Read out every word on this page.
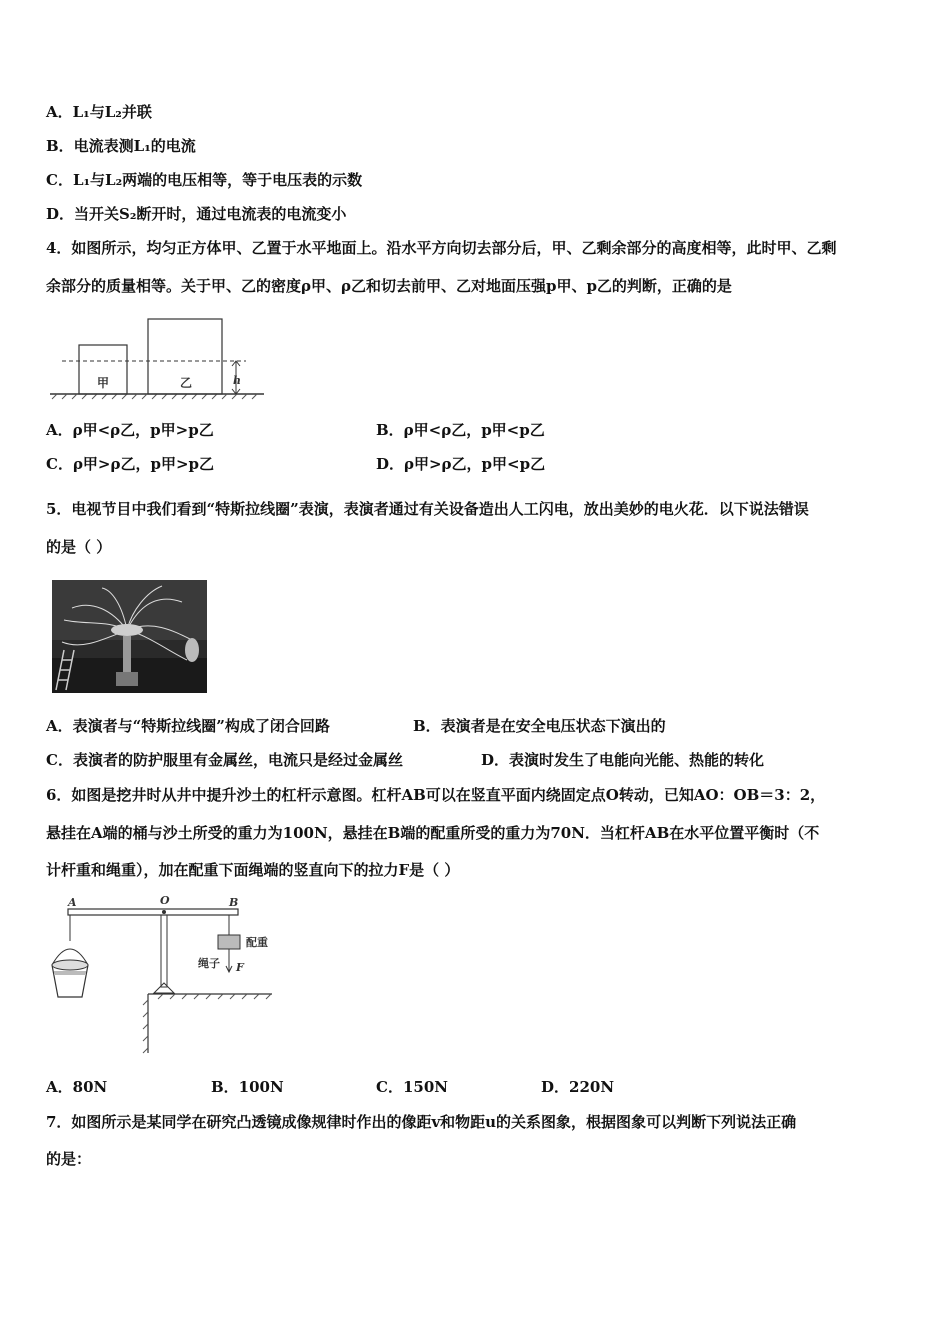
A．L₁与L₂并联
B．电流表测L₁的电流
C．L₁与L₂两端的电压相等，等于电压表的示数
D．当开关S₂断开时，通过电流表的电流变小
4．如图所示，均匀正方体甲、乙置于水平地面上。沿水平方向切去部分后，甲、乙剩余部分的高度相等，此时甲、乙剩
余部分的质量相等。关于甲、乙的密度ρ甲、ρ乙和切去前甲、乙对地面压强p甲、p乙的判断，正确的是
甲	乙	h
A．ρ甲<ρ乙，p甲>p乙	B．ρ甲<ρ乙，p甲<p乙
C．ρ甲>ρ乙，p甲>p乙	D．ρ甲>ρ乙，p甲<p乙
5．电视节目中我们看到“特斯拉线圈”表演，表演者通过有关设备造出人工闪电，放出美妙的电火花．以下说法错误
的是（ ）
A．表演者与“特斯拉线圈”构成了闭合回路	B．表演者是在安全电压状态下演出的
C．表演者的防护服里有金属丝，电流只是经过金属丝	D．表演时发生了电能向光能、热能的转化
6．如图是挖井时从井中提升沙土的杠杆示意图。杠杆AB可以在竖直平面内绕固定点O转动，已知AO：OB＝3：2，
悬挂在A端的桶与沙土所受的重力为100N，悬挂在B端的配重所受的重力为70N．当杠杆AB在水平位置平衡时（不
计杆重和绳重），加在配重下面绳端的竖直向下的拉力F是（ ）
A	O	B
配重
绳子 F
A．80N	B．100N	C．150N	D．220N
7．如图所示是某同学在研究凸透镜成像规律时作出的像距v和物距u的关系图象，根据图象可以判断下列说法正确
的是：
